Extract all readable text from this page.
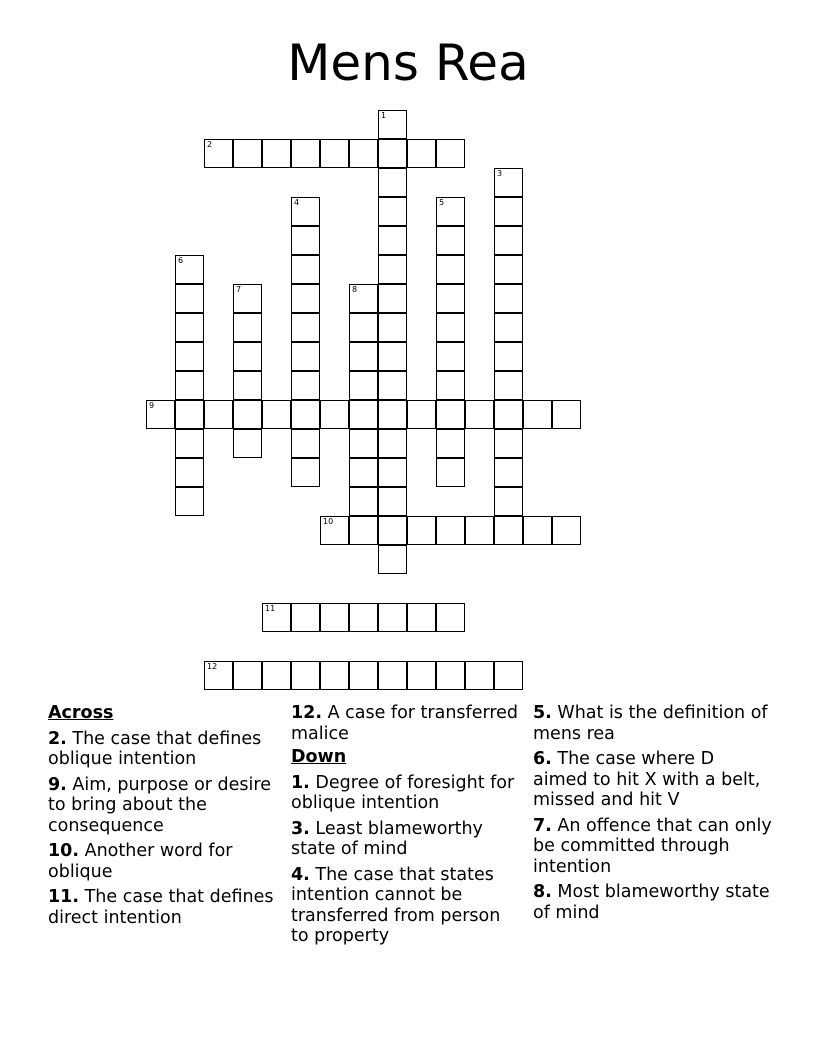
Mens Rea
1
3
4	5
6
7	8
2
9
10
11
12
Across
2. The case that defines oblique intention
9. Aim, purpose or desire to bring about the consequence
10. Another word for oblique
11. The case that defines direct intention
12. A case for transferred malice
Down
1. Degree of foresight for oblique intention
3. Least blameworthy state of mind
4. The case that states intention cannot be transferred from person to property
5. What is the definition of mens rea
6. The case where D aimed to hit X with a belt, missed and hit V
7. An offence that can only be committed through intention
8. Most blameworthy state of mind
